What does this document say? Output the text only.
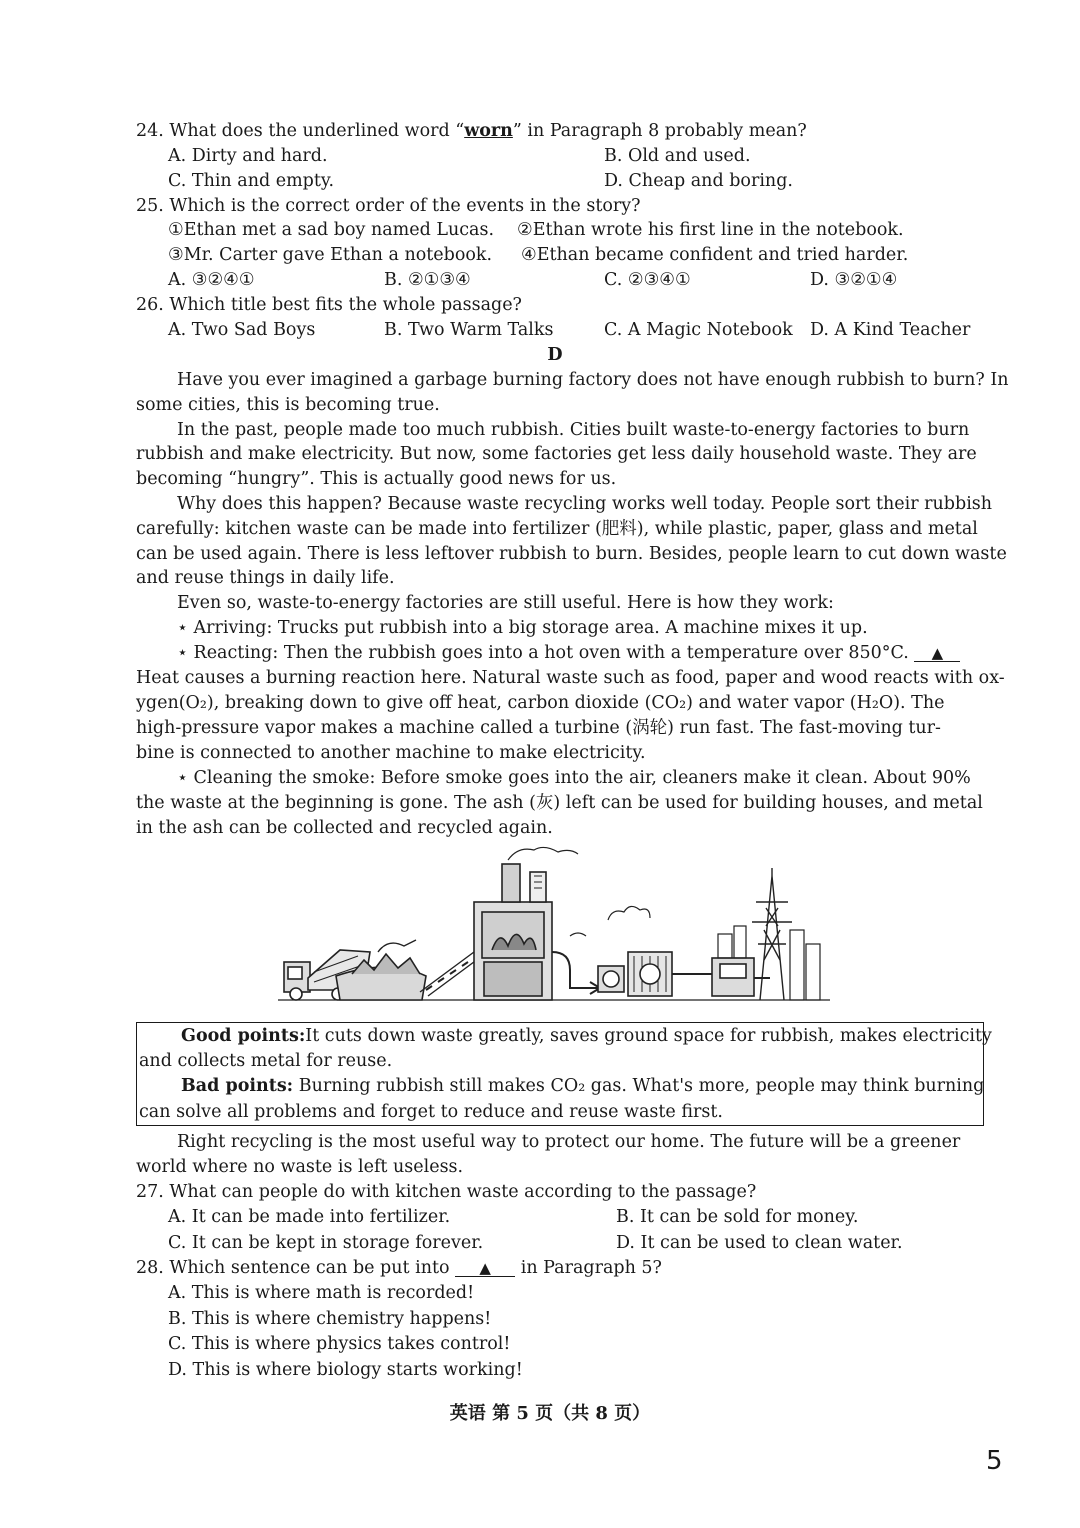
24. What does the underlined word “worn” in Paragraph 8 probably mean?
A. Dirty and hard.	B. Old and used.
C. Thin and empty.	D. Cheap and boring.
25. Which is the correct order of the events in the story?
①Ethan met a sad boy named Lucas. ②Ethan wrote his first line in the notebook.
③Mr. Carter gave Ethan a notebook. ④Ethan became confident and tried harder.
A. ③②④①	B. ②①③④	C. ②③④①	D. ③②①④
26. Which title best fits the whole passage?
A. Two Sad Boys	B. Two Warm Talks	C. A Magic Notebook D. A Kind Teacher
D
Have you ever imagined a garbage burning factory does not have enough rubbish to burn? In
some cities, this is becoming true.
In the past, people made too much rubbish. Cities built waste-to-energy factories to burn
rubbish and make electricity. But now, some factories get less daily household waste. They are
becoming “hungry”. This is actually good news for us.
Why does this happen? Because waste recycling works well today. People sort their rubbish
carefully: kitchen waste can be made into fertilizer (肥料), while plastic, paper, glass and metal
can be used again. There is less leftover rubbish to burn. Besides, people learn to cut down waste
and reuse things in daily life.
Even so, waste-to-energy factories are still useful. Here is how they work:
⋆ Arriving: Trucks put rubbish into a big storage area. A machine mixes it up.
⋆ Reacting: Then the rubbish goes into a hot oven with a temperature over 850°C. ▲
Heat causes a burning reaction here. Natural waste such as food, paper and wood reacts with ox-
ygen(O₂), breaking down to give off heat, carbon dioxide (CO₂) and water vapor (H₂O). The
high-pressure vapor makes a machine called a turbine (涡轮) run fast. The fast-moving tur-
bine is connected to another machine to make electricity.
⋆ Cleaning the smoke: Before smoke goes into the air, cleaners make it clean. About 90%
the waste at the beginning is gone. The ash (灰) left can be used for building houses, and metal
in the ash can be collected and recycled again.
Good points:It cuts down waste greatly, saves ground space for rubbish, makes electricity
and collects metal for reuse.
Bad points: Burning rubbish still makes CO₂ gas. What's more, people may think burning
can solve all problems and forget to reduce and reuse waste first.
Right recycling is the most useful way to protect our home. The future will be a greener
world where no waste is left useless.
27. What can people do with kitchen waste according to the passage?
A. It can be made into fertilizer.	B. It can be sold for money.
C. It can be kept in storage forever.	D. It can be used to clean water.
28. Which sentence can be put into ▲ in Paragraph 5?
A. This is where math is recorded!
B. This is where chemistry happens!
C. This is where physics takes control!
D. This is where biology starts working!
英语 第 5 页（共 8 页）
5
